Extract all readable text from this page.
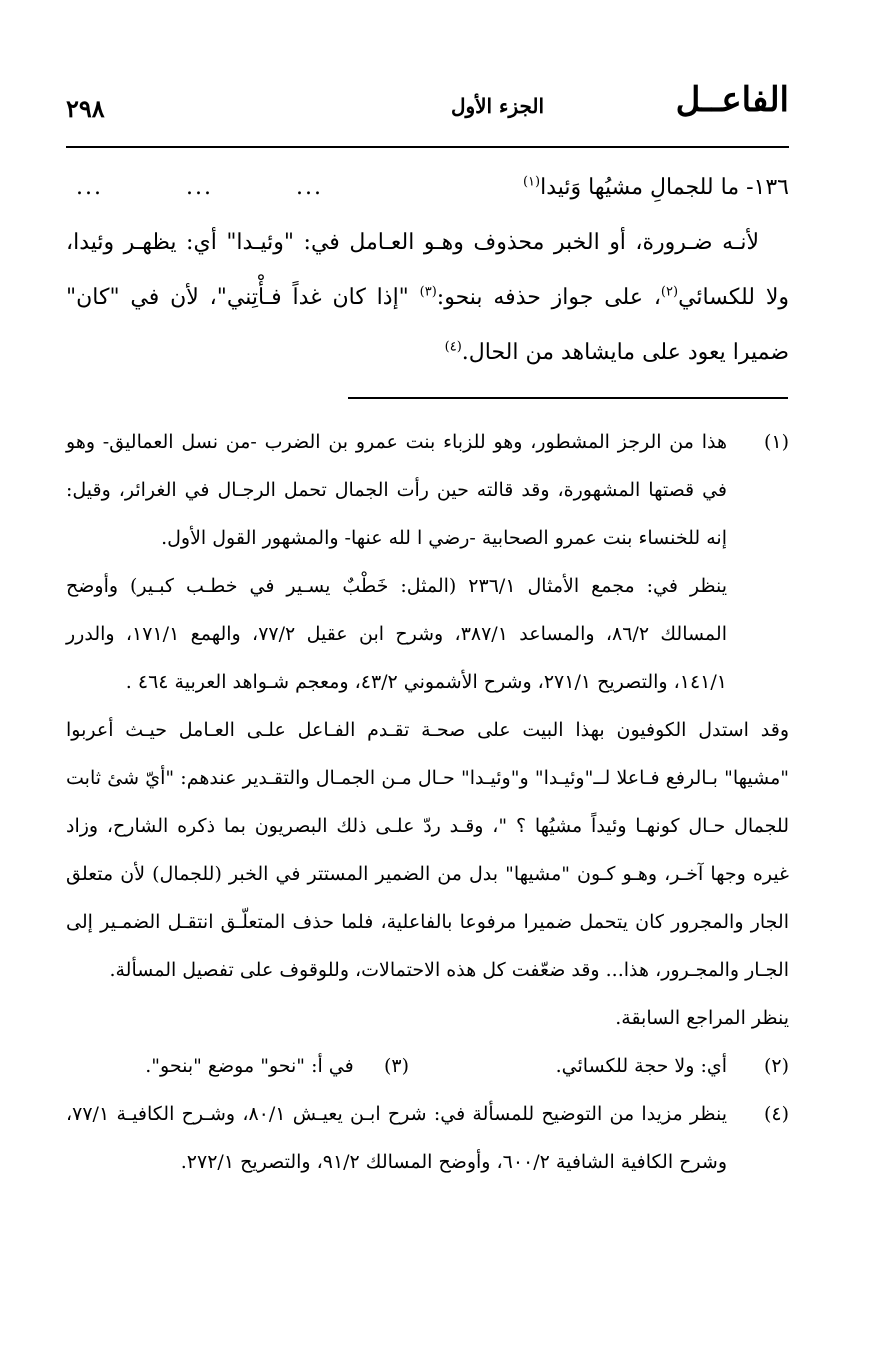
الفاعــل
الجزء الأول
٢٩٨
١٣٦- ما للجمالِ مشيُها وَئيدا$^{(١)}$
...	...	...

لأنـه ضـرورة، أو الخبر محذوف وهـو العـامل في: "وئيـدا" أي: يظهـر وئيدا، ولا للكسائي$^{(٢)}$، على جواز حذفه بنحو:$^{(٣)}$ "إذا كان غداً فـأْتِني"، لأن في "كان" ضميرا يعود على مايشاهد من الحال.$^{(٤)}$

(١)

هذا من الرجز المشطور، وهو للزباء بنت عمرو بن الضرب -من نسل العماليق- وهو في قصتها المشهورة، وقد قالته حين رأت الجمال تحمل الرجـال في الغرائر، وقيل: إنه للخنساء بنت عمرو الصحابية -رضي ا لله عنها- والمشهور القول الأول.

ينظر في: مجمع الأمثال ٢٣٦/١ (المثل: خَطْبٌ يسـير في خطـب كبـير) وأوضح المسالك ٨٦/٢، والمساعد ٣٨٧/١، وشرح ابن عقيل ٧٧/٢، والهمع ١٧١/١، والدرر ١٤١/١، والتصريح ٢٧١/١، وشرح الأشموني ٤٣/٢، ومعجم شـواهد العربية ٤٦٤ .

وقد استدل الكوفيون بهذا البيت على صحـة تقـدم الفـاعل علـى العـامل حيـث أعربوا "مشيها" بـالرفع فـاعلا لــ"وئيـدا" و"وئيـدا" حـال مـن الجمـال والتقـدير عندهم: "أيّ شئ ثابت للجمال حـال كونهـا وئيداً مشيُها ؟ "، وقـد ردّ علـى ذلك البصريون بما ذكره الشارح، وزاد غيره وجها آخـر، وهـو كـون "مشيها" بدل من الضمير المستتر في الخبر (للجمال) لأن متعلق الجار والمجرور كان يتحمل ضميرا مرفوعا بالفاعلية، فلما حذف المتعلّـق انتقـل الضمـير إلى الجـار والمجـرور، هذا... وقد ضعّفت كل هذه الاحتمالات، وللوقوف على تفصيل المسألة.

ينظر المراجع السابقة.

(٢)
أي: ولا حجة للكسائي.
(٣)     في أ: "نحو" موضع "بنحو".
(٤)

ينظر مزيدا من التوضيح للمسألة في: شرح ابـن يعيـش ٨٠/١، وشـرح الكافيـة ٧٧/١، وشرح الكافية الشافية ٦٠٠/٢، وأوضح المسالك ٩١/٢، والتصريح ٢٧٢/١.
